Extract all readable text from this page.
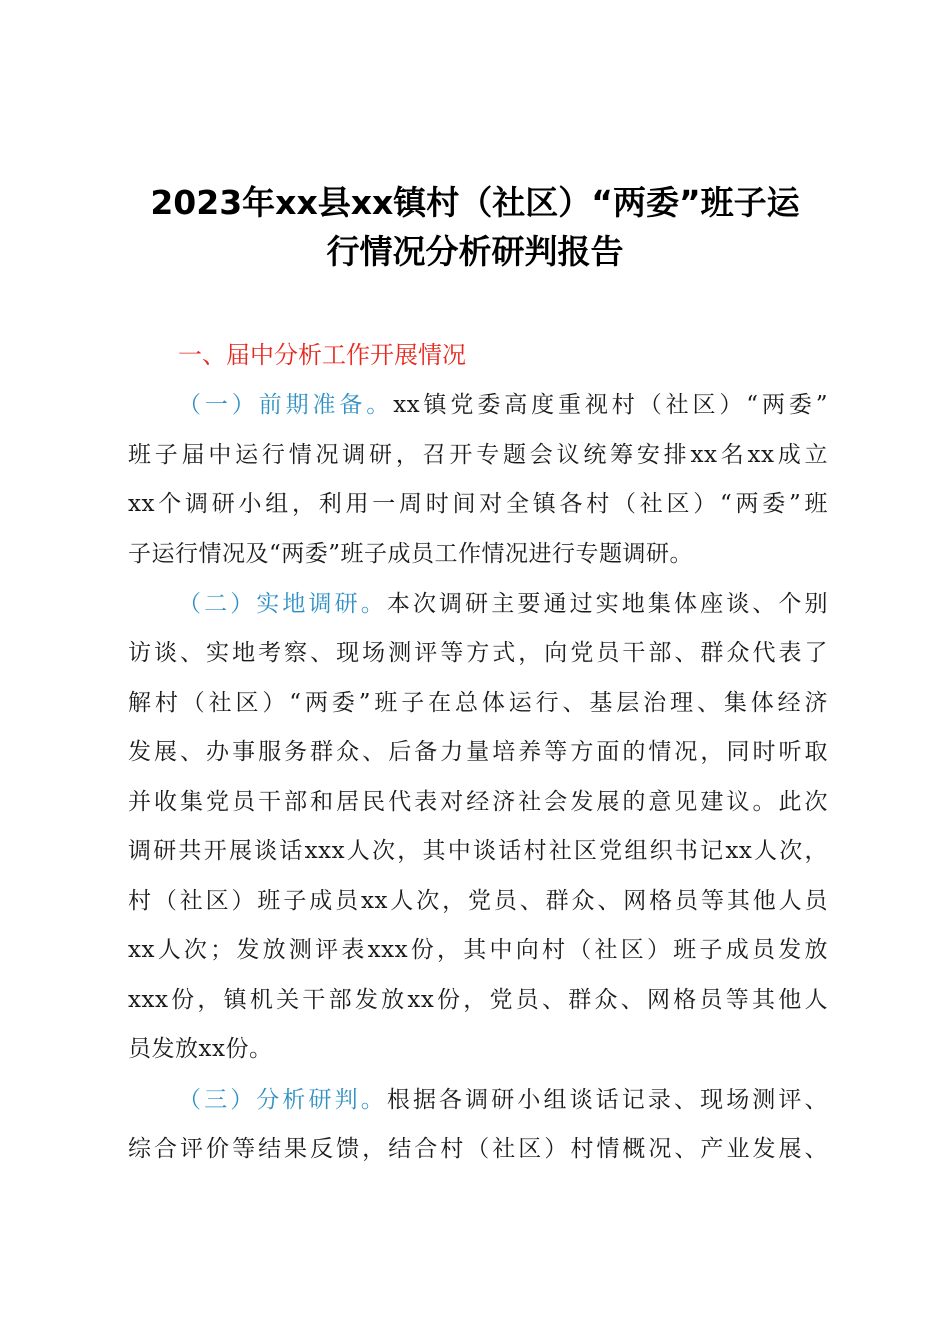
2023年xx县xx镇村（社区）“两委”班子运
行情况分析研判报告
一、届中分析工作开展情况
（一）前期准备。xx镇党委高度重视村（社区）“两委”
班子届中运行情况调研，召开专题会议统筹安排xx名xx成立
xx个调研小组，利用一周时间对全镇各村（社区）“两委”班
子运行情况及“两委”班子成员工作情况进行专题调研。
（二）实地调研。本次调研主要通过实地集体座谈、个别
访谈、实地考察、现场测评等方式，向党员干部、群众代表了
解村（社区）“两委”班子在总体运行、基层治理、集体经济
发展、办事服务群众、后备力量培养等方面的情况，同时听取
并收集党员干部和居民代表对经济社会发展的意见建议。此次
调研共开展谈话xxx人次，其中谈话村社区党组织书记xx人次，
村（社区）班子成员xx人次，党员、群众、网格员等其他人员
xx人次；发放测评表xxx份，其中向村（社区）班子成员发放
xxx份，镇机关干部发放xx份，党员、群众、网格员等其他人
员发放xx份。
（三）分析研判。根据各调研小组谈话记录、现场测评、
综合评价等结果反馈，结合村（社区）村情概况、产业发展、
